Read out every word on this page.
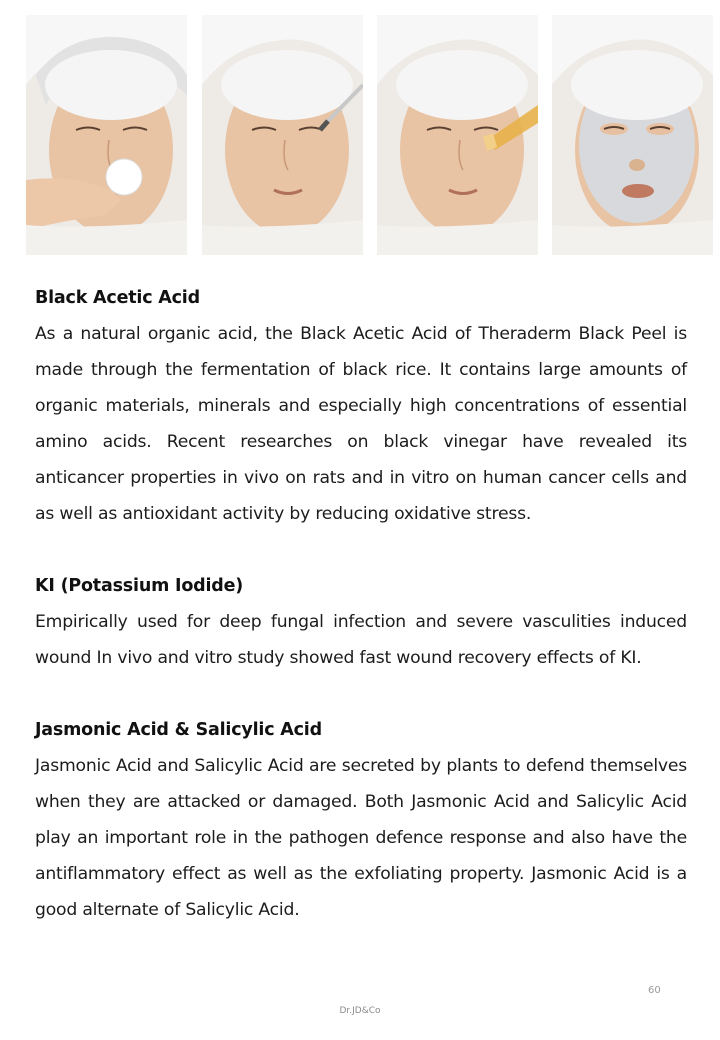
Black Acetic Acid
As a natural organic acid, the Black Acetic Acid of Theraderm Black Peel is made through the fermentation of black rice. It contains large amounts of organic materials, minerals and especially high concentrations of essential amino acids. Recent researches on black vinegar have revealed its anticancer properties in vivo on rats and in vitro on human cancer cells and as well as antioxidant activity by reducing oxidative stress.
KI (Potassium Iodide)
Empirically used for deep fungal infection and severe vasculities induced wound In vivo and vitro study showed fast wound recovery effects of KI.
Jasmonic Acid & Salicylic Acid
Jasmonic Acid and Salicylic Acid are secreted by plants to defend themselves when they are attacked or damaged. Both Jasmonic Acid and Salicylic Acid play an important role in the pathogen defence response and also have the antiflammatory effect as well as the exfoliating property. Jasmonic Acid is a good alternate of Salicylic Acid.
60
Dr.JD&Co
